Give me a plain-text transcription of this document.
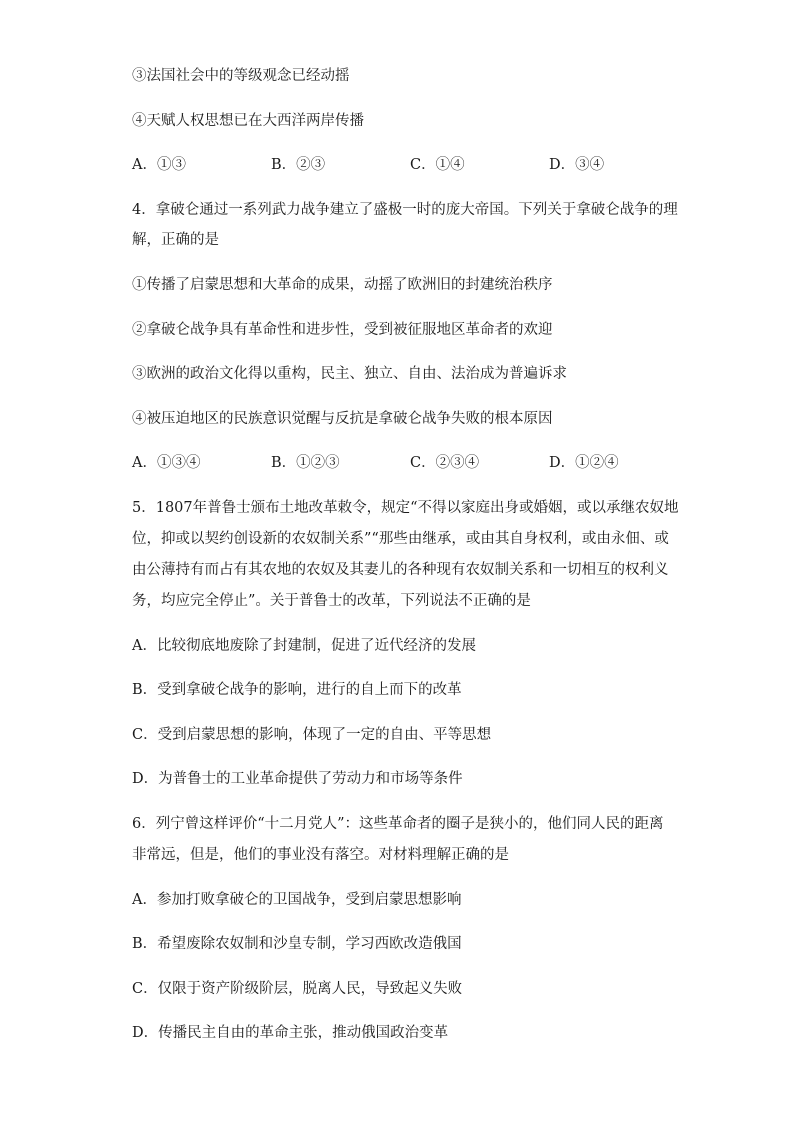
③法国社会中的等级观念已经动摇
④天赋人权思想已在大西洋两岸传播
A．①③	B．②③	C．①④	D．③④
4．拿破仑通过一系列武力战争建立了盛极一时的庞大帝国。下列关于拿破仑战争的理
解，正确的是
①传播了启蒙思想和大革命的成果，动摇了欧洲旧的封建统治秩序
②拿破仑战争具有革命性和进步性，受到被征服地区革命者的欢迎
③欧洲的政治文化得以重构，民主、独立、自由、法治成为普遍诉求
④被压迫地区的民族意识觉醒与反抗是拿破仑战争失败的根本原因
A．①③④	B．①②③	C．②③④	D．①②④
5．1807年普鲁士颁布土地改革敕令，规定“不得以家庭出身或婚姻，或以承继农奴地
位，抑或以契约创设新的农奴制关系”“那些由继承，或由其自身权利，或由永佃、或
由公薄持有而占有其农地的农奴及其妻儿的各种现有农奴制关系和一切相互的权利义
务，均应完全停止”。关于普鲁士的改革，下列说法不正确的是
A．比较彻底地废除了封建制，促进了近代经济的发展
B．受到拿破仑战争的影响，进行的自上而下的改革
C．受到启蒙思想的影响，体现了一定的自由、平等思想
D．为普鲁士的工业革命提供了劳动力和市场等条件
6．列宁曾这样评价“十二月党人”：这些革命者的圈子是狭小的，他们同人民的距离
非常远，但是，他们的事业没有落空。对材料理解正确的是
A．参加打败拿破仑的卫国战争，受到启蒙思想影响
B．希望废除农奴制和沙皇专制，学习西欧改造俄国
C．仅限于资产阶级阶层，脱离人民，导致起义失败
D．传播民主自由的革命主张，推动俄国政治变革
